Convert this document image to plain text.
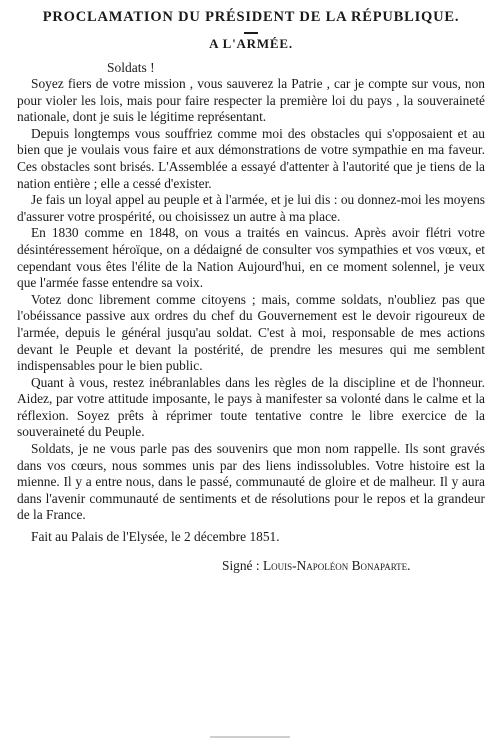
PROCLAMATION DU PRÉSIDENT DE LA RÉPUBLIQUE.
A L'ARMÉE.

Soldats !

Soyez fiers de votre mission , vous sauverez la Patrie , car je compte sur vous, non pour violer les lois, mais pour faire respecter la première loi du pays , la souveraineté nationale, dont je suis le légitime représentant.

Depuis longtemps vous souffriez comme moi des obstacles qui s'opposaient et au bien que je voulais vous faire et aux démonstrations de votre sympathie en ma faveur. Ces obstacles sont brisés. L'Assemblée a essayé d'attenter à l'autorité que je tiens de la nation entière ; elle a cessé d'exister.

Je fais un loyal appel au peuple et à l'armée, et je lui dis : ou donnez-moi les moyens d'assurer votre prospérité, ou choisissez un autre à ma place.

En 1830 comme en 1848, on vous a traités en vaincus. Après avoir flétri votre désintéressement héroïque, on a dédaigné de consulter vos sympathies et vos vœux, et cependant vous êtes l'élite de la Nation Aujourd'hui, en ce moment solennel, je veux que l'armée fasse entendre sa voix.

Votez donc librement comme citoyens ; mais, comme soldats, n'oubliez pas que l'obéissance passive aux ordres du chef du Gouvernement est le devoir rigoureux de l'armée, depuis le général jusqu'au soldat. C'est à moi, responsable de mes actions devant le Peuple et devant la postérité, de prendre les mesures qui me semblent indispensables pour le bien public.

Quant à vous, restez inébranlables dans les règles de la discipline et de l'honneur. Aidez, par votre attitude imposante, le pays à manifester sa volonté dans le calme et la réflexion. Soyez prêts à réprimer toute tentative contre le libre exercice de la souveraineté du Peuple.

Soldats, je ne vous parle pas des souvenirs que mon nom rappelle. Ils sont gravés dans vos cœurs, nous sommes unis par des liens indissolubles. Votre histoire est la mienne. Il y a entre nous, dans le passé, communauté de gloire et de malheur. Il y aura dans l'avenir communauté de sentiments et de résolutions pour le repos et la grandeur de la France.

Fait au Palais de l'Elysée, le 2 décembre 1851.

Signé : Louis-Napoléon Bonaparte.
